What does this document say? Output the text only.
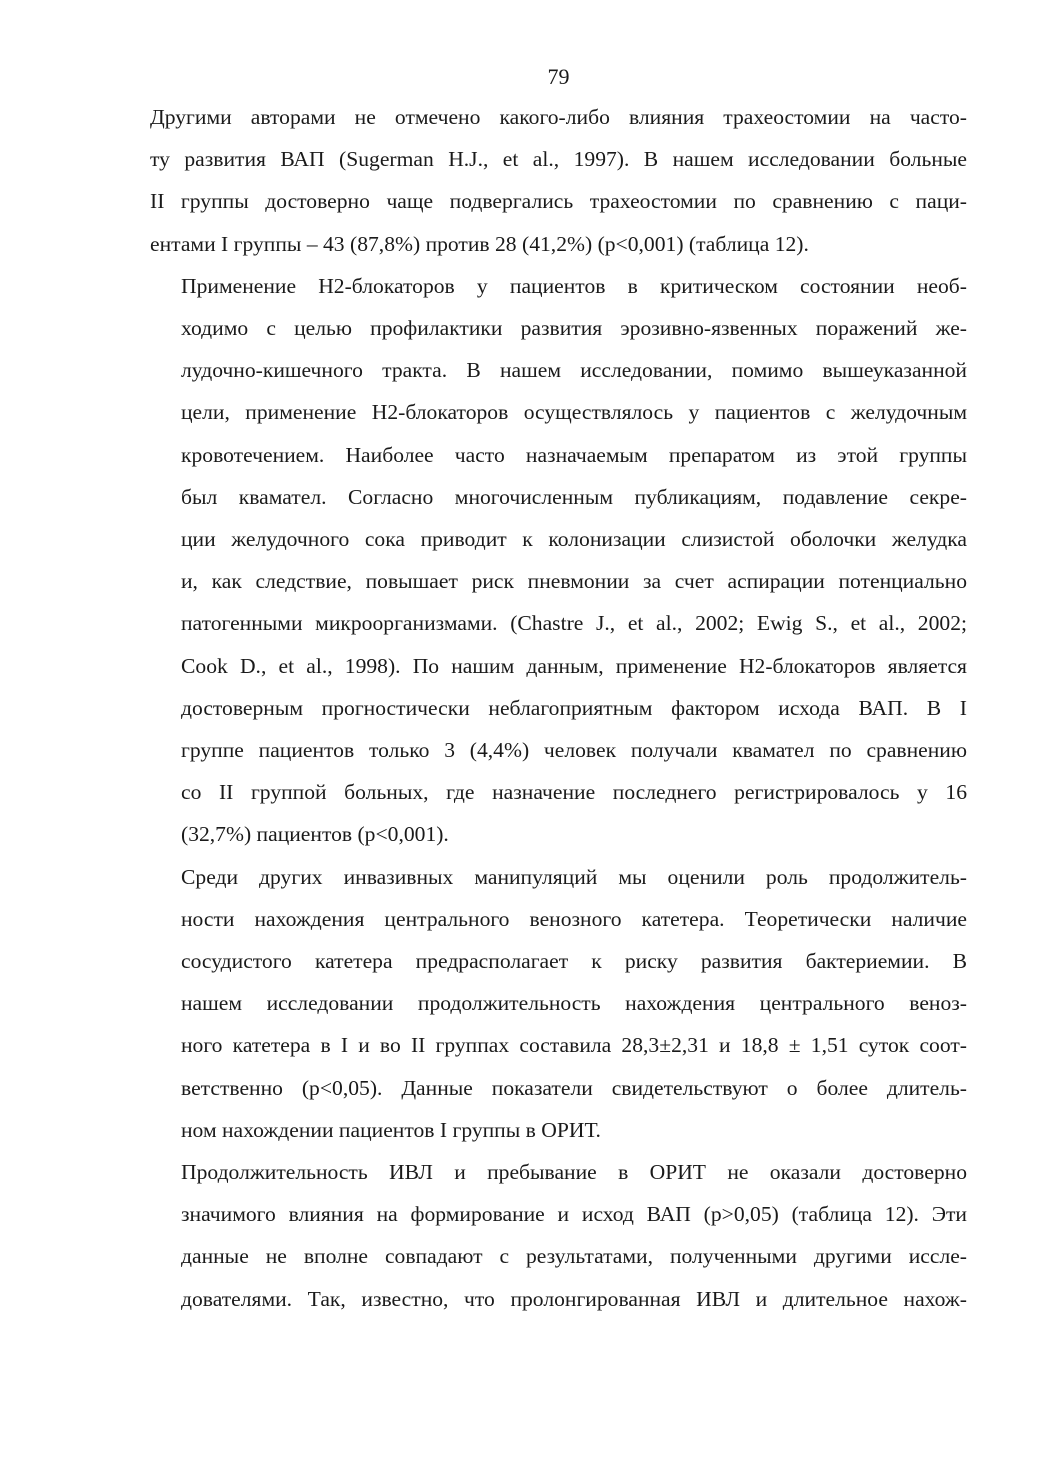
79

Другими авторами не отмечено какого-либо влияния трахеостомии на часто-
ту развития ВАП (Sugerman H.J., et al., 1997). В нашем исследовании больные
II группы достоверно чаще подвергались трахеостомии по сравнению с паци-
ентами I группы – 43 (87,8%) против 28 (41,2%) (р<0,001) (таблица 12).

Применение Н2-блокаторов у пациентов в критическом состоянии необ-
ходимо с целью профилактики развития эрозивно-язвенных поражений же-
лудочно-кишечного тракта. В нашем исследовании, помимо вышеуказанной
цели, применение Н2-блокаторов осуществлялось у пациентов с желудочным
кровотечением. Наиболее часто назначаемым препаратом из этой группы
был квамател. Согласно многочисленным публикациям, подавление секре-
ции желудочного сока приводит к колонизации слизистой оболочки желудка
и, как следствие, повышает риск пневмонии за счет аспирации потенциально
патогенными микроорганизмами. (Chastre J., et al., 2002; Ewig S., et al., 2002;
Cook D., et al., 1998). По нашим данным, применение Н2-блокаторов является
достоверным прогностически неблагоприятным фактором исхода ВАП. В I
группе пациентов только 3 (4,4%) человек получали квамател по сравнению
со II группой больных, где назначение последнего регистрировалось у 16
(32,7%) пациентов (р<0,001).

Среди других инвазивных манипуляций мы оценили роль продолжитель-
ности нахождения центрального венозного катетера. Теоретически наличие
сосудистого катетера предрасполагает к риску развития бактериемии. В
нашем исследовании продолжительность нахождения центрального веноз-
ного катетера в I и во II группах составила 28,3±2,31 и 18,8 ± 1,51 суток соот-
ветственно (р<0,05). Данные показатели свидетельствуют о более длитель-
ном нахождении пациентов I группы в ОРИТ.

Продолжительность ИВЛ и пребывание в ОРИТ не оказали достоверно
значимого влияния на формирование и исход ВАП (р>0,05) (таблица 12). Эти
данные не вполне совпадают с результатами, полученными другими иссле-
дователями. Так, известно, что пролонгированная ИВЛ и длительное нахож-
